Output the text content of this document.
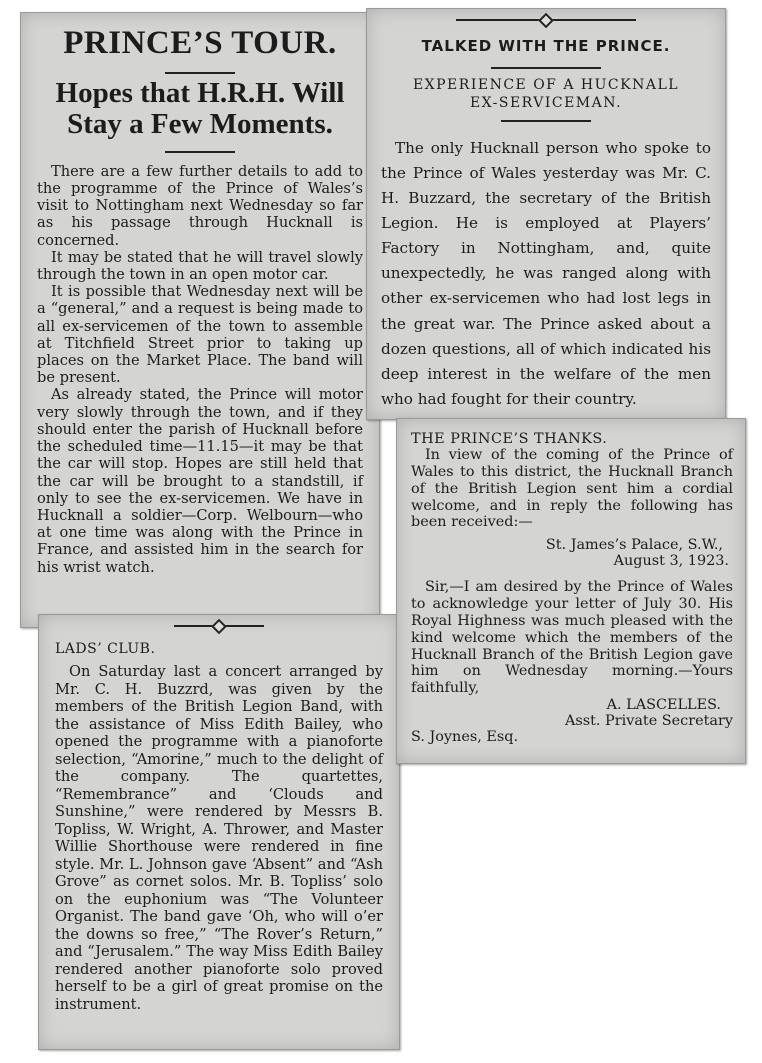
PRINCE’S TOUR.
Hopes that H.R.H. Will
Stay a Few Moments.

There are a few further details to add to the programme of the Prince of Wales’s visit to Nottingham next Wednesday so far as his passage through Hucknall is concerned.

It may be stated that he will travel slowly through the town in an open motor car.

It is possible that Wednesday next will be a “general,” and a request is being made to all ex-servicemen of the town to assemble at Titchfield Street prior to taking up places on the Market Place. The band will be present.

As already stated, the Prince will motor very slowly through the town, and if they should enter the parish of Hucknall before the scheduled time—11.15—it may be that the car will stop. Hopes are still held that the car will be brought to a standstill, if only to see the ex-servicemen. We have in Hucknall a soldier—Corp. Welbourn—who at one time was along with the Prince in France, and assisted him in the search for his wrist watch.

LADS’ CLUB.

On Saturday last a concert arranged by Mr. C. H. Buzzrd, was given by the members of the British Legion Band, with the assistance of Miss Edith Bailey, who opened the programme with a pianoforte selection, “Amorine,” much to the delight of the company. The quartettes, “Remembrance” and ‘Clouds and Sunshine,” were rendered by Messrs B. Topliss, W. Wright, A. Thrower, and Master Willie Shorthouse were rendered in fine style. Mr. L. Johnson gave ‘Absent” and “Ash Grove” as cornet solos. Mr. B. Topliss’ solo on the euphonium was “The Volunteer Organist. The band gave ‘Oh, who will o’er the downs so free,” “The Rover’s Return,” and “Jerusalem.” The way Miss Edith Bailey rendered another pianoforte solo proved herself to be a girl of great promise on the instrument.

TALKED WITH THE PRINCE.
EXPERIENCE OF A HUCKNALL
EX-SERVICEMAN.

The only Hucknall person who spoke to the Prince of Wales yesterday was Mr. C. H. Buzzard, the secretary of the British Legion. He is employed at Players’ Factory in Nottingham, and, quite unexpectedly, he was ranged along with other ex-servicemen who had lost legs in the great war. The Prince asked about a dozen questions, all of which indicated his deep interest in the welfare of the men who had fought for their country.

THE PRINCE’S THANKS.

In view of the coming of the Prince of Wales to this district, the Hucknall Branch of the British Legion sent him a cordial welcome, and in reply the following has been received:—

St. James’s Palace, S.W.,
August 3, 1923.

Sir,—I am desired by the Prince of Wales to acknowledge your letter of July 30. His Royal Highness was much pleased with the kind welcome which the members of the Hucknall Branch of the British Legion gave him on Wednesday morning.—Yours faithfully,

A. LASCELLES.
Asst. Private Secretary
S. Joynes, Esq.
